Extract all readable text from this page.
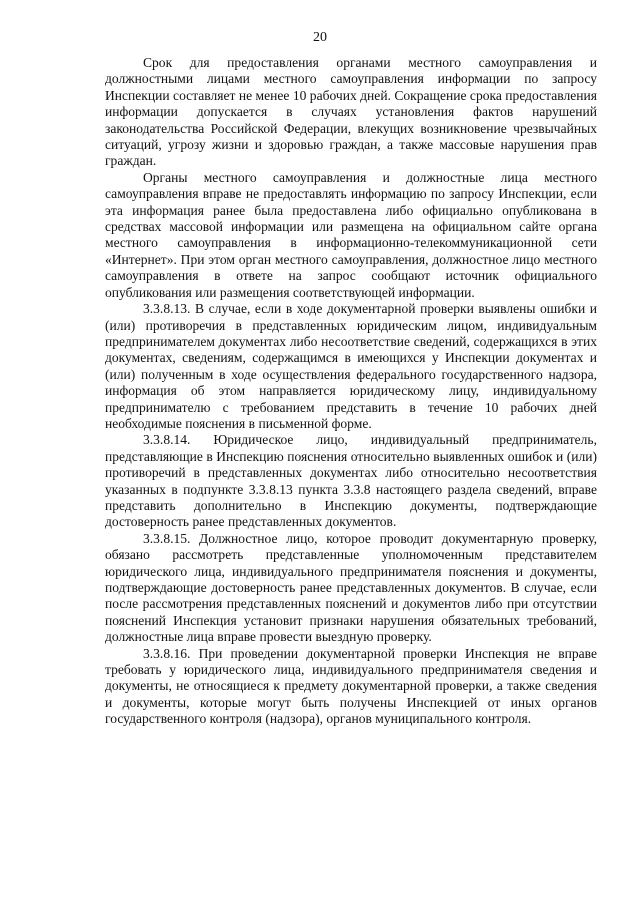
20

Срок для предоставления органами местного самоуправления и должностными лицами местного самоуправления информации по запросу Инспекции составляет не менее 10 рабочих дней. Сокращение срока предоставления информации допускается в случаях установления фактов нарушений законодательства Российской Федерации, влекущих возникновение чрезвычайных ситуаций, угрозу жизни и здоровью граждан, а также массовые нарушения прав граждан.

Органы местного самоуправления и должностные лица местного самоуправления вправе не предоставлять информацию по запросу Инспекции, если эта информация ранее была предоставлена либо официально опубликована в средствах массовой информации или размещена на официальном сайте органа местного самоуправления в информационно-телекоммуникационной сети «Интернет». При этом орган местного самоуправления, должностное лицо местного самоуправления в ответе на запрос сообщают источник официального опубликования или размещения соответствующей информации.

3.3.8.13. В случае, если в ходе документарной проверки выявлены ошибки и (или) противоречия в представленных юридическим лицом, индивидуальным предпринимателем документах либо несоответствие сведений, содержащихся в этих документах, сведениям, содержащимся в имеющихся у Инспекции документах и (или) полученным в ходе осуществления федерального государственного надзора, информация об этом направляется юридическому лицу, индивидуальному предпринимателю с требованием представить в течение 10 рабочих дней необходимые пояснения в письменной форме.

3.3.8.14. Юридическое лицо, индивидуальный предприниматель, представляющие в Инспекцию пояснения относительно выявленных ошибок и (или) противоречий в представленных документах либо относительно несоответствия указанных в подпункте 3.3.8.13 пункта 3.3.8 настоящего раздела сведений, вправе представить дополнительно в Инспекцию документы, подтверждающие достоверность ранее представленных документов.

3.3.8.15. Должностное лицо, которое проводит документарную проверку, обязано рассмотреть представленные уполномоченным представителем юридического лица, индивидуального предпринимателя пояснения и документы, подтверждающие достоверность ранее представленных документов. В случае, если после рассмотрения представленных пояснений и документов либо при отсутствии пояснений Инспекция установит признаки нарушения обязательных требований, должностные лица вправе провести выездную проверку.

3.3.8.16. При проведении документарной проверки Инспекция не вправе требовать у юридического лица, индивидуального предпринимателя сведения и документы, не относящиеся к предмету документарной проверки, а также сведения и документы, которые могут быть получены Инспекцией от иных органов государственного контроля (надзора), органов муниципального контроля.
